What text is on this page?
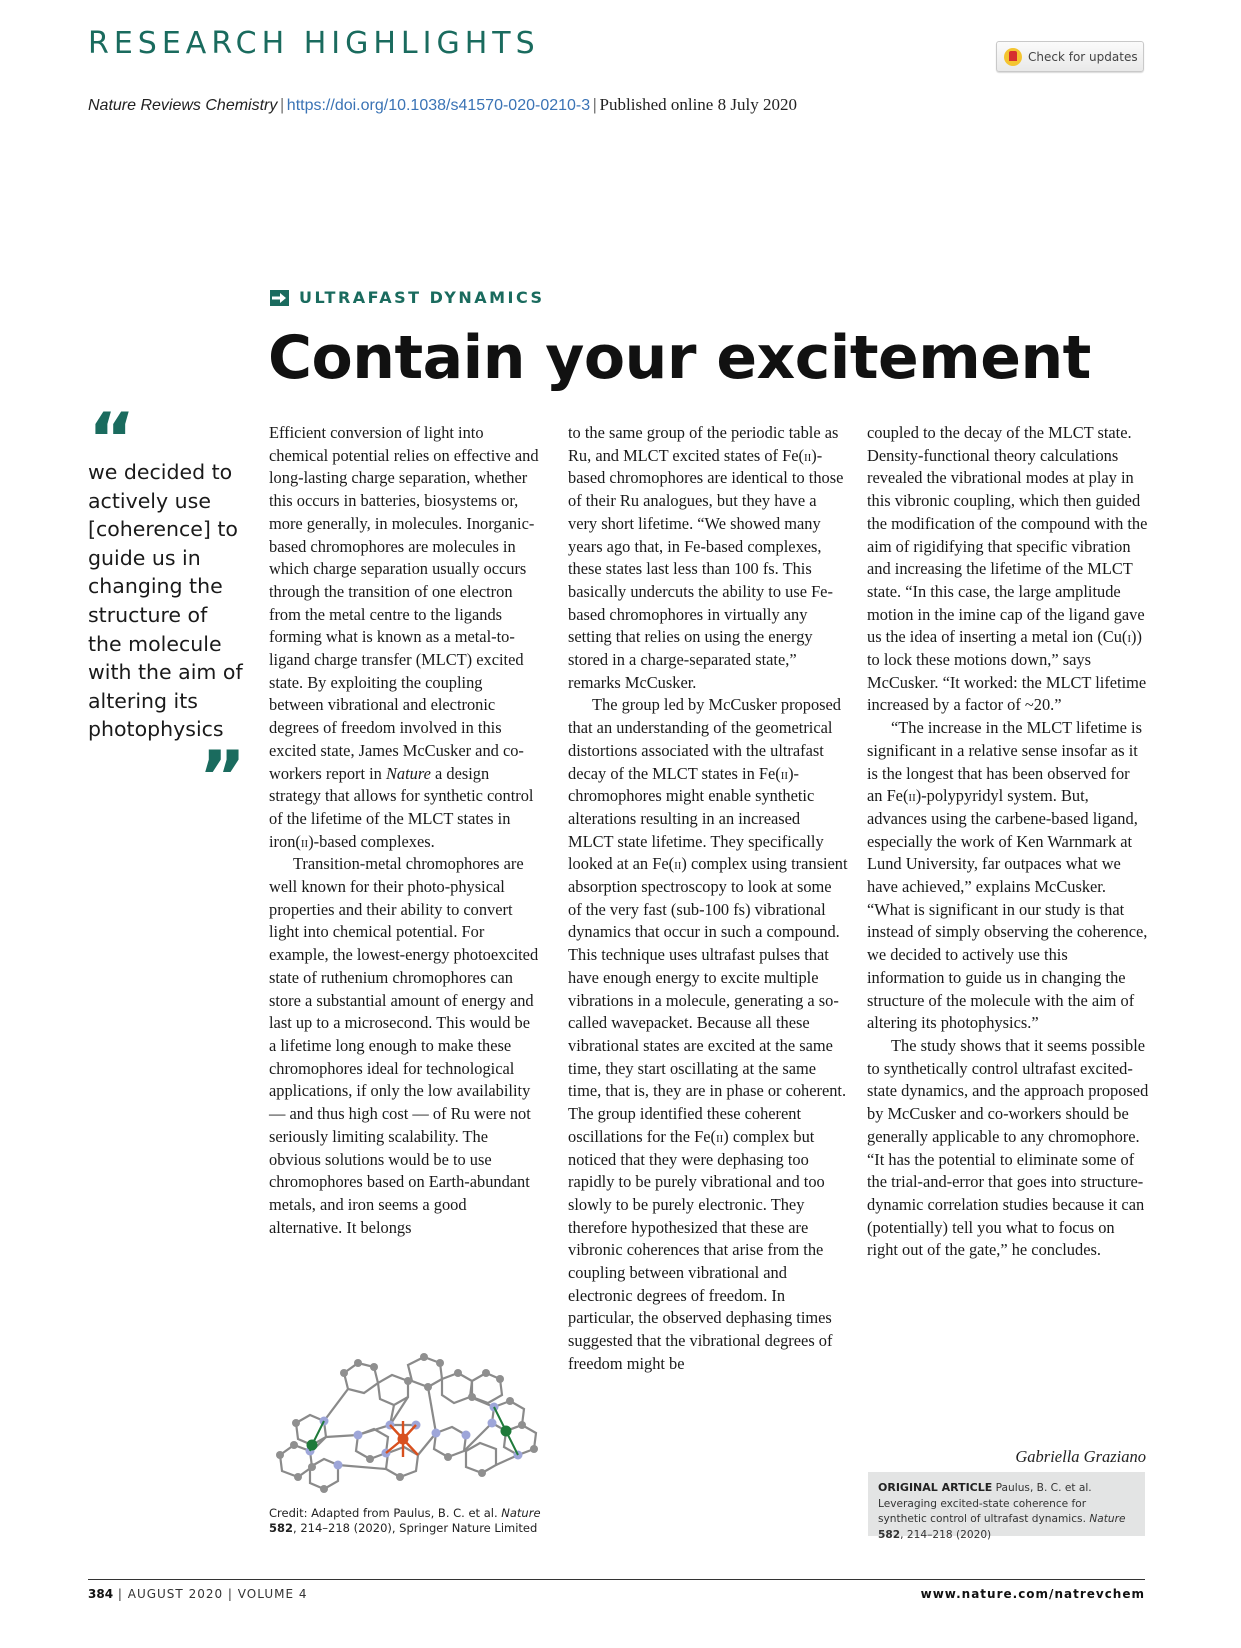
RESEARCH HIGHLIGHTS	Check for updates
Nature Reviews Chemistry | https://doi.org/10.1038/s41570-020-0210-3 | Published online 8 July 2020
ULTRAFAST DYNAMICS
Contain your excitement
“
we decided to actively use [coherence] to guide us in changing the structure of the molecule with the aim of altering its photophysics
”

Efficient conversion of light into chemical potential relies on effective and long-lasting charge separation, whether this occurs in batteries, biosystems or, more generally, in molecules. Inorganic-based chromophores are molecules in which charge separation usually occurs through the transition of one electron from the metal centre to the ligands forming what is known as a metal-to-ligand charge transfer (MLCT) excited state. By exploiting the coupling between vibrational and electronic degrees of freedom involved in this excited state, James McCusker and co-workers report in Nature a design strategy that allows for synthetic control of the lifetime of the MLCT states in iron(ii)-based complexes.

Transition-metal chromophores are well known for their photo-physical properties and their ability to convert light into chemical potential. For example, the lowest-energy photoexcited state of ruthenium chromophores can store a substantial amount of energy and last up to a microsecond. This would be a lifetime long enough to make these chromophores ideal for technological applications, if only the low availability — and thus high cost — of Ru were not seriously limiting scalability. The obvious solutions would be to use chromophores based on Earth-abundant metals, and iron seems a good alternative. It belongs

to the same group of the periodic table as Ru, and MLCT excited states of Fe(ii)-based chromophores are identical to those of their Ru analogues, but they have a very short lifetime. “We showed many years ago that, in Fe-based complexes, these states last less than 100 fs. This basically undercuts the ability to use Fe-based chromophores in virtually any setting that relies on using the energy stored in a charge-separated state,” remarks McCusker.

The group led by McCusker proposed that an understanding of the geometrical distortions associated with the ultrafast decay of the MLCT states in Fe(ii)-chromophores might enable synthetic alterations resulting in an increased MLCT state lifetime. They specifically looked at an Fe(ii) complex using transient absorption spectroscopy to look at some of the very fast (sub-100 fs) vibrational dynamics that occur in such a compound. This technique uses ultrafast pulses that have enough energy to excite multiple vibrations in a molecule, generating a so-called wavepacket. Because all these vibrational states are excited at the same time, they start oscillating at the same time, that is, they are in phase or coherent. The group identified these coherent oscillations for the Fe(ii) complex but noticed that they were dephasing too rapidly to be purely vibrational and too slowly to be purely electronic. They therefore hypothesized that these are vibronic coherences that arise from the coupling between vibrational and electronic degrees of freedom. In particular, the observed dephasing times suggested that the vibrational degrees of freedom might be

coupled to the decay of the MLCT state. Density-functional theory calculations revealed the vibrational modes at play in this vibronic coupling, which then guided the modification of the compound with the aim of rigidifying that specific vibration and increasing the lifetime of the MLCT state. “In this case, the large amplitude motion in the imine cap of the ligand gave us the idea of inserting a metal ion (Cu(i)) to lock these motions down,” says McCusker. “It worked: the MLCT lifetime increased by a factor of ~20.”

“The increase in the MLCT lifetime is significant in a relative sense insofar as it is the longest that has been observed for an Fe(ii)-polypyridyl system. But, advances using the carbene-based ligand, especially the work of Ken Warnmark at Lund University, far outpaces what we have achieved,” explains McCusker. “What is significant in our study is that instead of simply observing the coherence, we decided to actively use this information to guide us in changing the structure of the molecule with the aim of altering its photophysics.”

The study shows that it seems possible to synthetically control ultrafast excited-state dynamics, and the approach proposed by McCusker and co-workers should be generally applicable to any chromophore. “It has the potential to eliminate some of the trial-and-error that goes into structure-dynamic correlation studies because it can (potentially) tell you what to focus on right out of the gate,” he concludes.

Credit: Adapted from Paulus, B. C. et al. Nature
582, 214–218 (2020), Springer Nature Limited
Gabriella Graziano
ORIGINAL ARTICLE Paulus, B. C. et al. Leveraging excited-state coherence for synthetic control of ultrafast dynamics. Nature 582, 214–218 (2020)
384 | AUGUST 2020 | VOLUME 4	www.nature.com/natrevchem
